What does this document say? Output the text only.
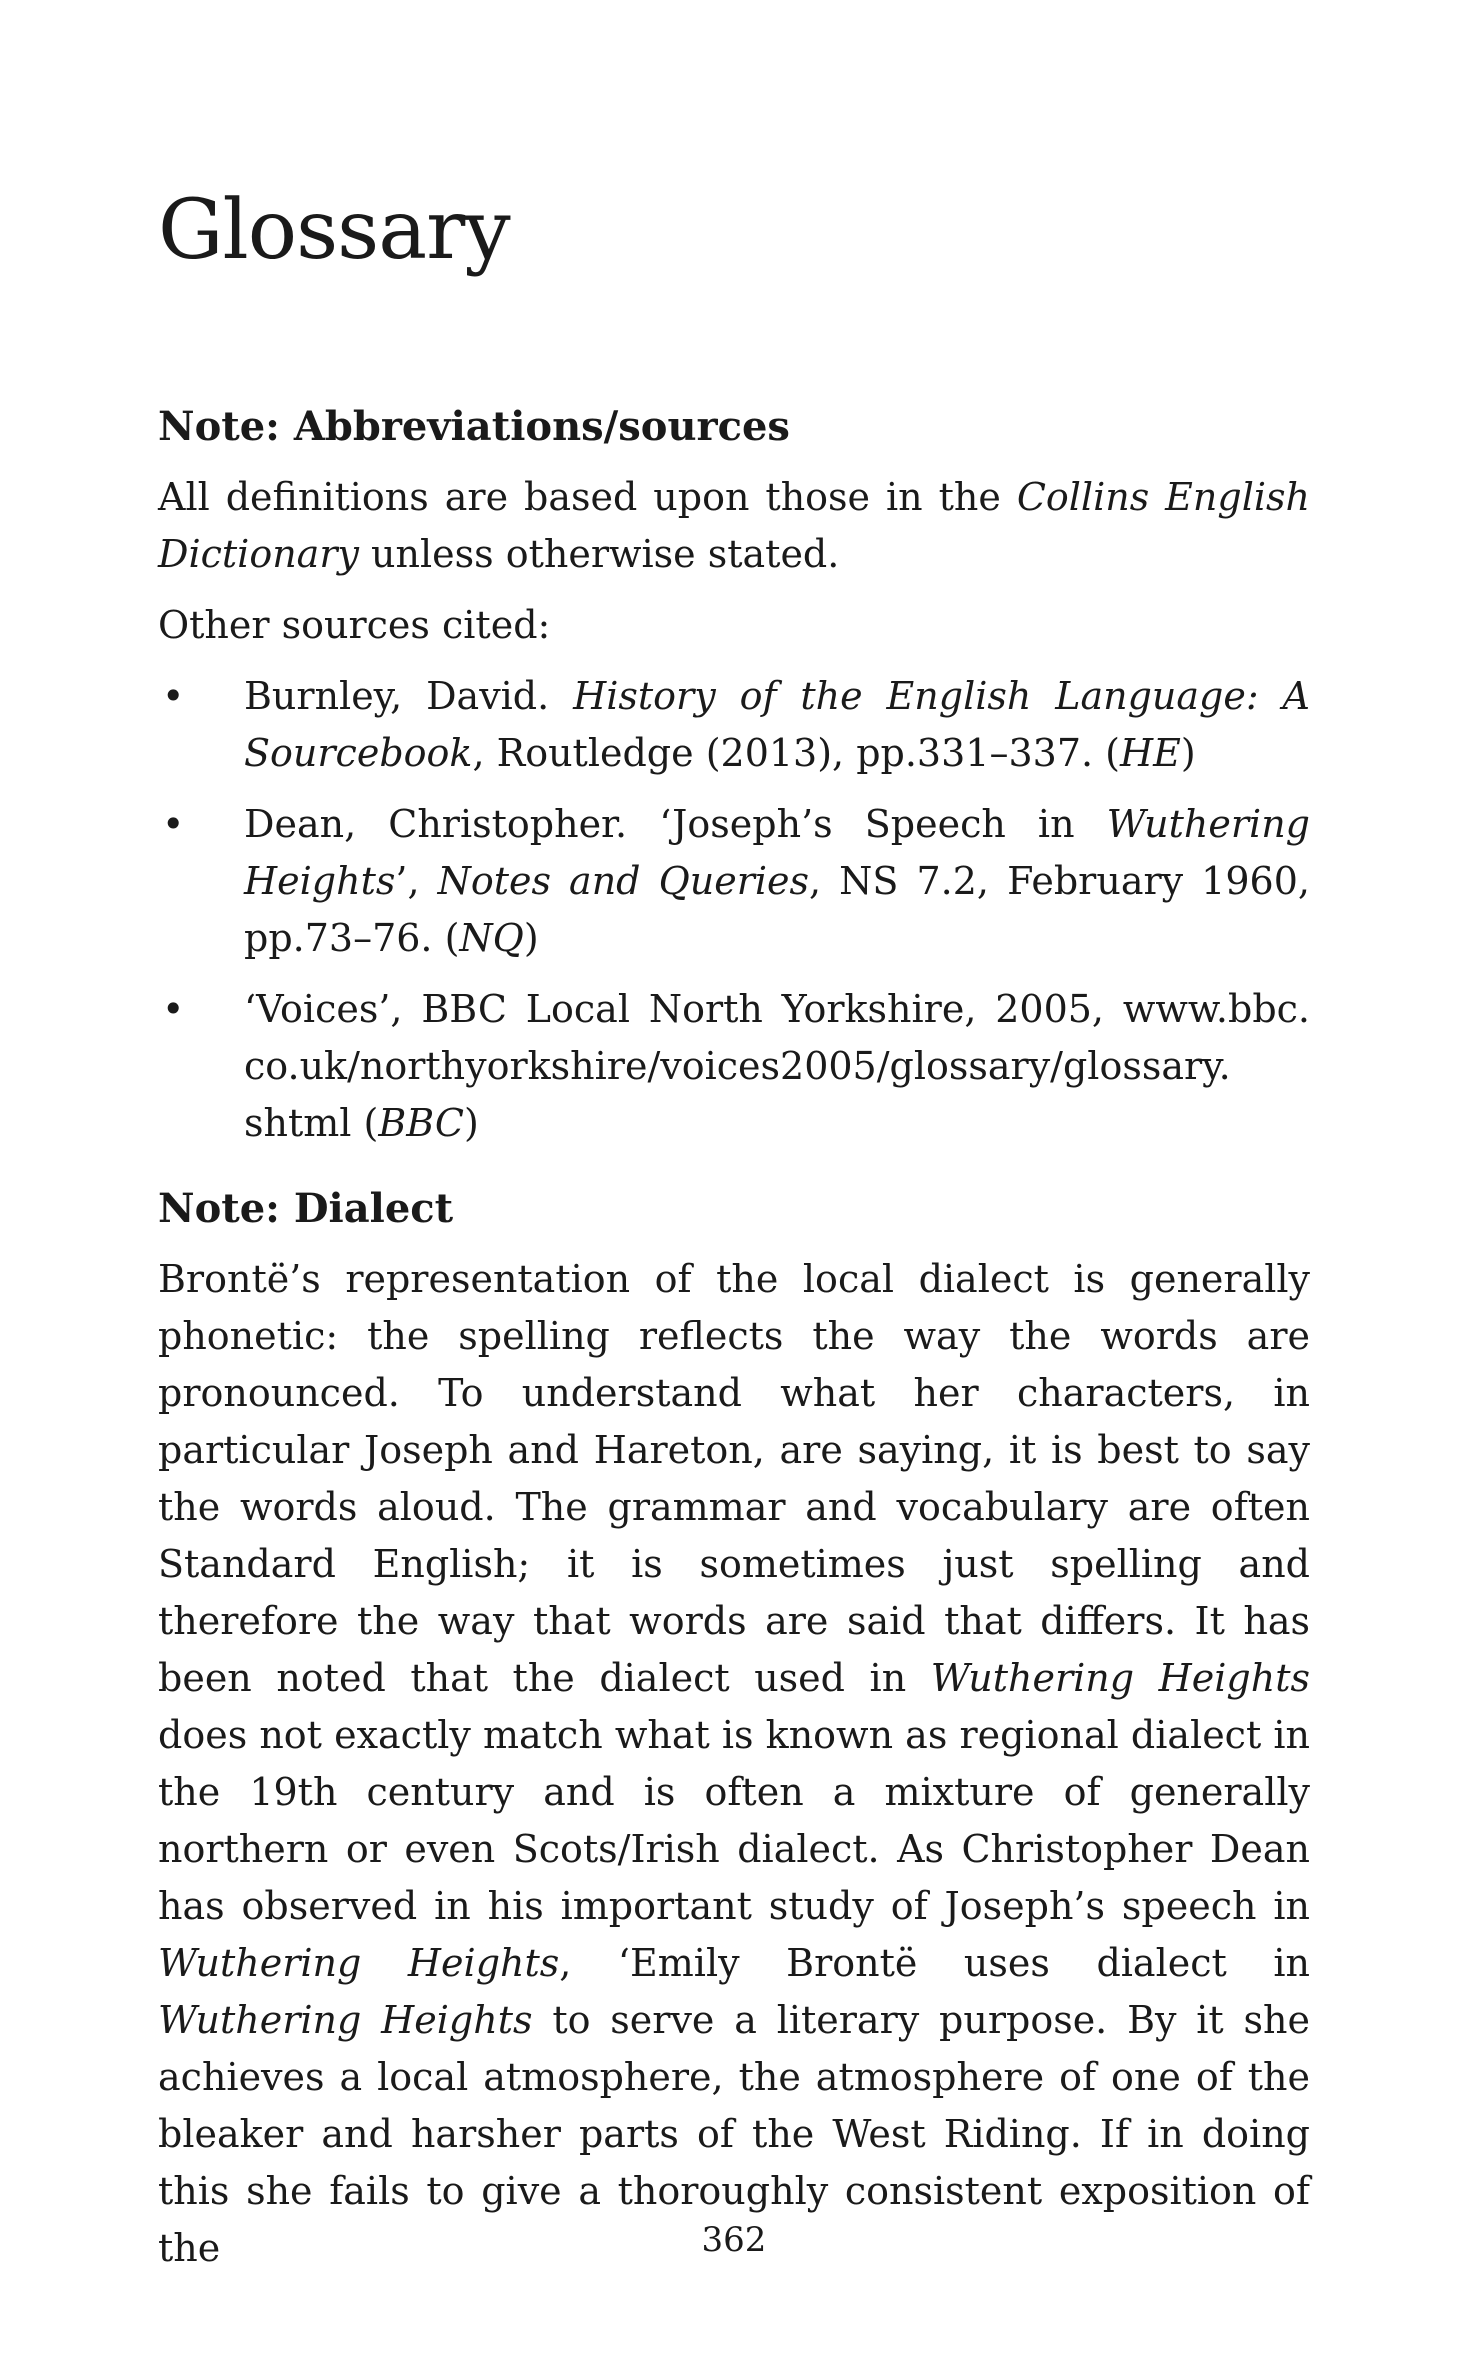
Glossary
Note: Abbreviations/sources

All definitions are based upon those in the Collins English Dictionary unless otherwise stated.

Other sources cited:

• Burnley, David. History of the English Language: A Sourcebook, Routledge (2013), pp.331–337. (HE)
• Dean, Christopher. ‘Joseph’s Speech in Wuthering Heights’, Notes and Queries, NS 7.2, February 1960, pp.73–76. (NQ)
• ‘Voices’, BBC Local North Yorkshire, 2005, www.bbc.​co.uk/​northyorkshire/​voices2005/​glossary/​glossary.​shtml (BBC)
Note: Dialect

Brontë’s representation of the local dialect is generally phonetic: the spelling reflects the way the words are pronounced. To understand what her characters, in particular Joseph and Hareton, are saying, it is best to say the words aloud. The grammar and vocabulary are often Standard English; it is sometimes just spelling and therefore the way that words are said that differs. It has been noted that the dialect used in Wuthering Heights does not exactly match what is known as regional dialect in the 19th century and is often a mixture of generally northern or even Scots/Irish dialect. As Christopher Dean has observed in his important study of Joseph’s speech in Wuthering Heights, ‘Emily Brontë uses dialect in Wuthering Heights to serve a literary purpose. By it she achieves a local atmosphere, the atmosphere of one of the bleaker and harsher parts of the West Riding. If in doing this she fails to give a thoroughly consistent exposition of the	362
